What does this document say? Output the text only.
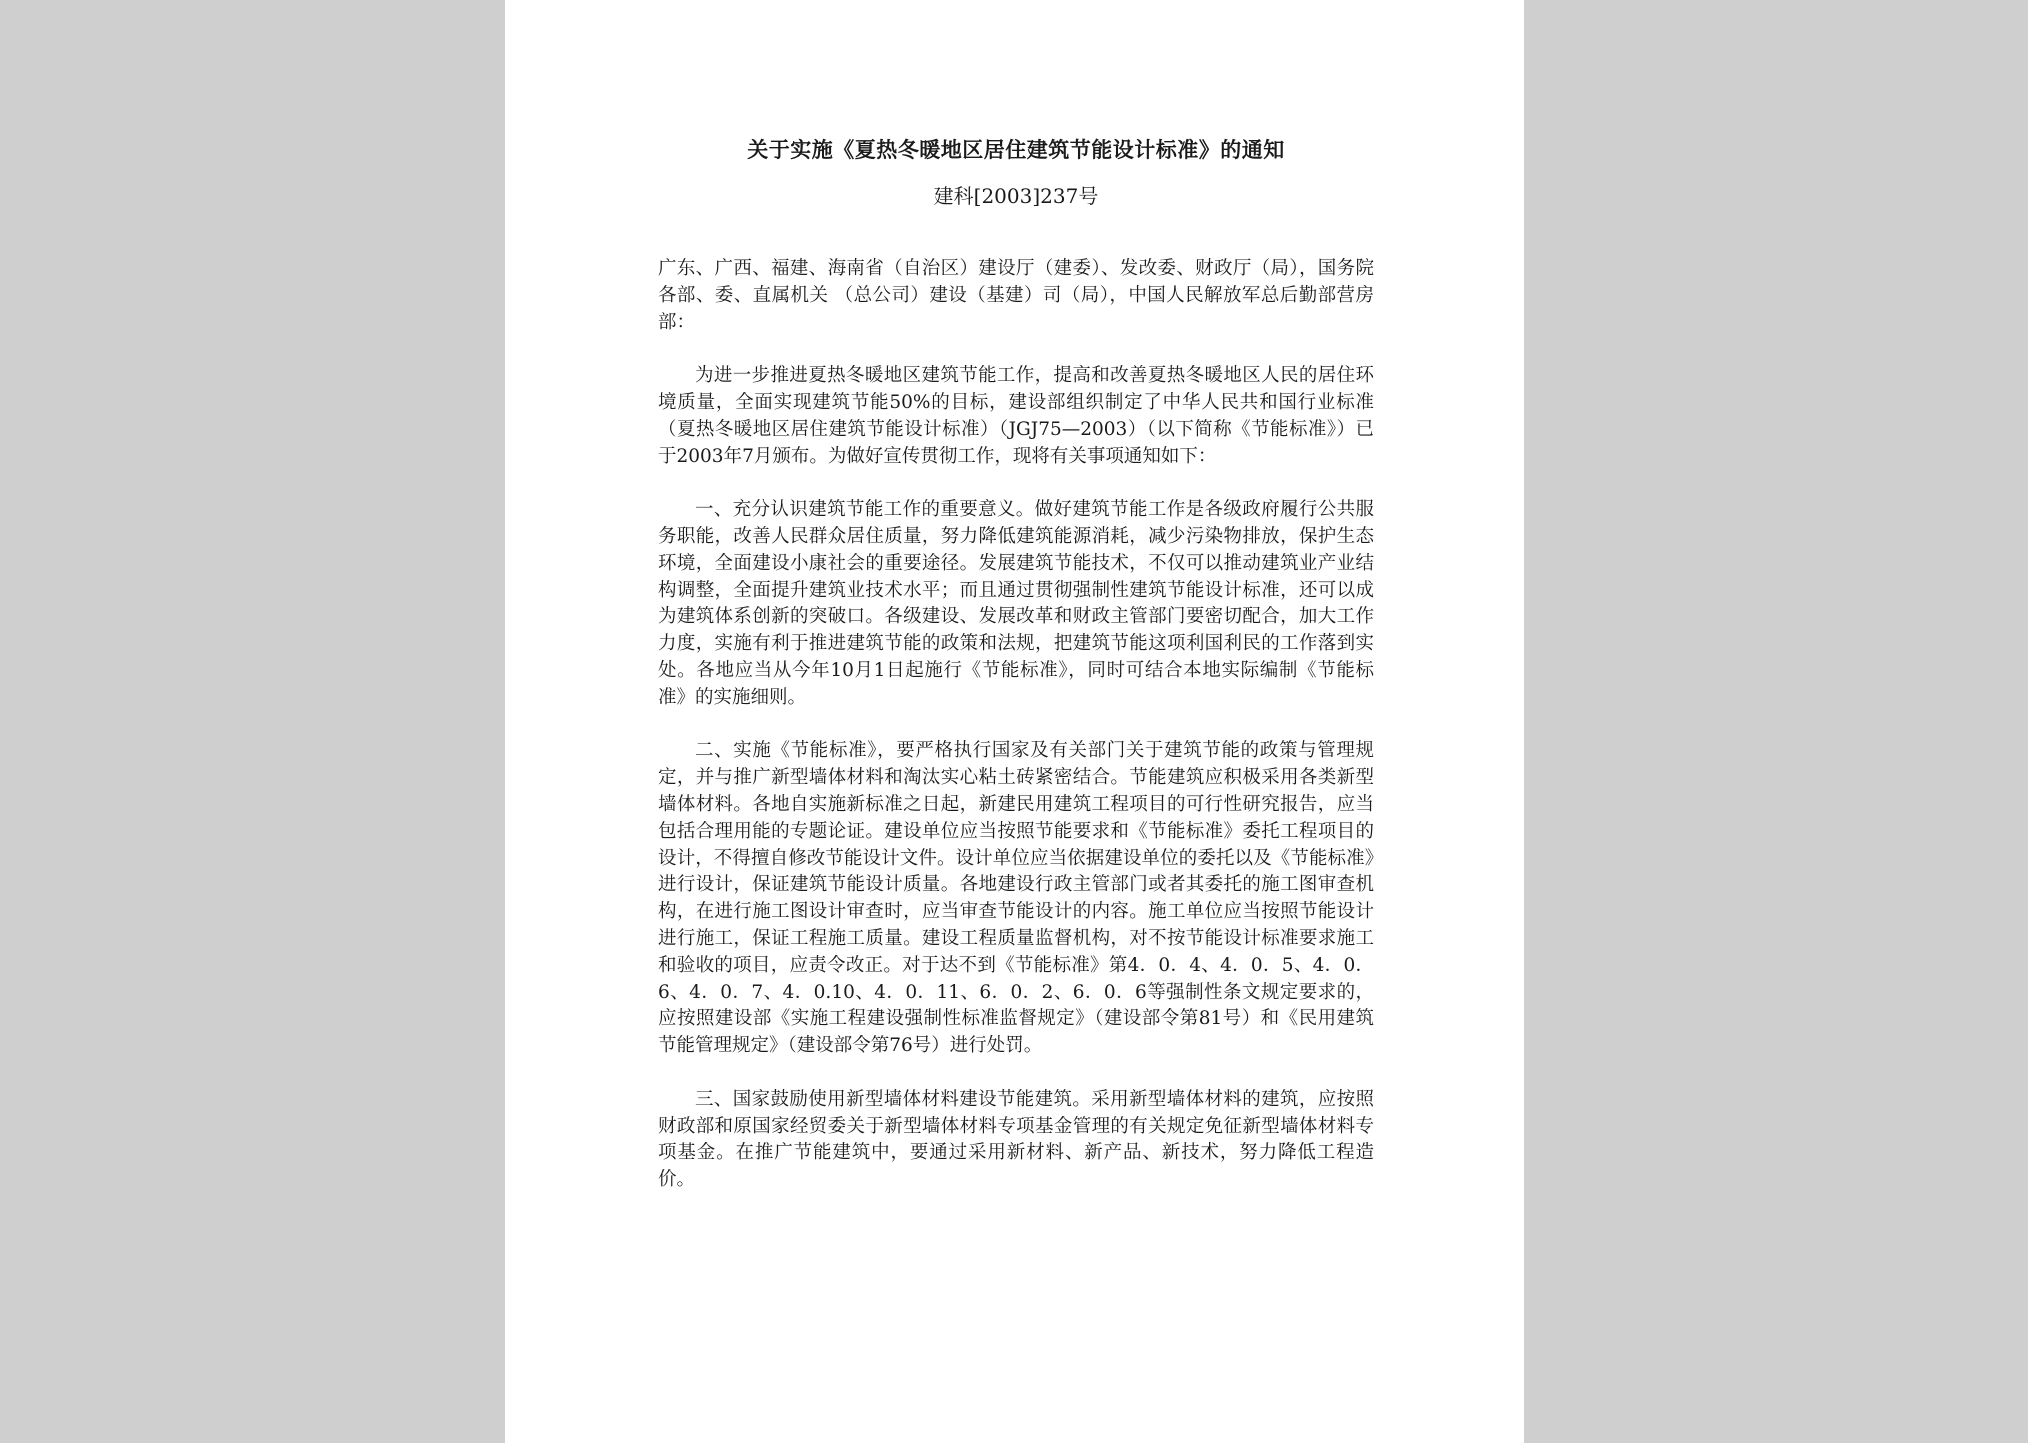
关于实施《夏热冬暖地区居住建筑节能设计标准》的通知
建科[2003]237号

广东、广西、福建、海南省（自治区）建设厅（建委）、发改委、财政厅（局），国务院各部、委、直属机关 （总公司）建设（基建）司（局），中国人民解放军总后勤部营房部：

为进一步推进夏热冬暖地区建筑节能工作，提高和改善夏热冬暖地区人民的居住环境质量，全面实现建筑节能50%的目标，建设部组织制定了中华人民共和国行业标准（夏热冬暖地区居住建筑节能设计标准）（JGJ75—2003）（以下简称《节能标准》）已于2003年7月颁布。为做好宣传贯彻工作，现将有关事项通知如下：

一、充分认识建筑节能工作的重要意义。做好建筑节能工作是各级政府履行公共服务职能，改善人民群众居住质量，努力降低建筑能源消耗，减少污染物排放，保护生态环境，全面建设小康社会的重要途径。发展建筑节能技术，不仅可以推动建筑业产业结构调整，全面提升建筑业技术水平；而且通过贯彻强制性建筑节能设计标准，还可以成为建筑体系创新的突破口。各级建设、发展改革和财政主管部门要密切配合，加大工作力度，实施有利于推进建筑节能的政策和法规，把建筑节能这项利国利民的工作落到实处。各地应当从今年10月1日起施行《节能标准》，同时可结合本地实际编制《节能标准》的实施细则。

二、实施《节能标准》，要严格执行国家及有关部门关于建筑节能的政策与管理规定，并与推广新型墙体材料和淘汰实心粘土砖紧密结合。节能建筑应积极采用各类新型墙体材料。各地自实施新标准之日起，新建民用建筑工程项目的可行性研究报告，应当包括合理用能的专题论证。建设单位应当按照节能要求和《节能标准》委托工程项目的设计，不得擅自修改节能设计文件。设计单位应当依据建设单位的委托以及《节能标准》进行设计，保证建筑节能设计质量。各地建设行政主管部门或者其委托的施工图审查机构，在进行施工图设计审查时，应当审查节能设计的内容。施工单位应当按照节能设计进行施工，保证工程施工质量。建设工程质量监督机构，对不按节能设计标准要求施工和验收的项目，应责令改正。对于达不到《节能标准》第4．0．4、4．0．5、4．0．6、4．0．7、4．0.10、4．0．11、6．0．2、6．0．6等强制性条文规定要求的，应按照建设部《实施工程建设强制性标准监督规定》（建设部令第81号）和《民用建筑节能管理规定》（建设部令第76号）进行处罚。

三、国家鼓励使用新型墙体材料建设节能建筑。采用新型墙体材料的建筑，应按照财政部和原国家经贸委关于新型墙体材料专项基金管理的有关规定免征新型墙体材料专项基金。在推广节能建筑中，要通过采用新材料、新产品、新技术，努力降低工程造价。
